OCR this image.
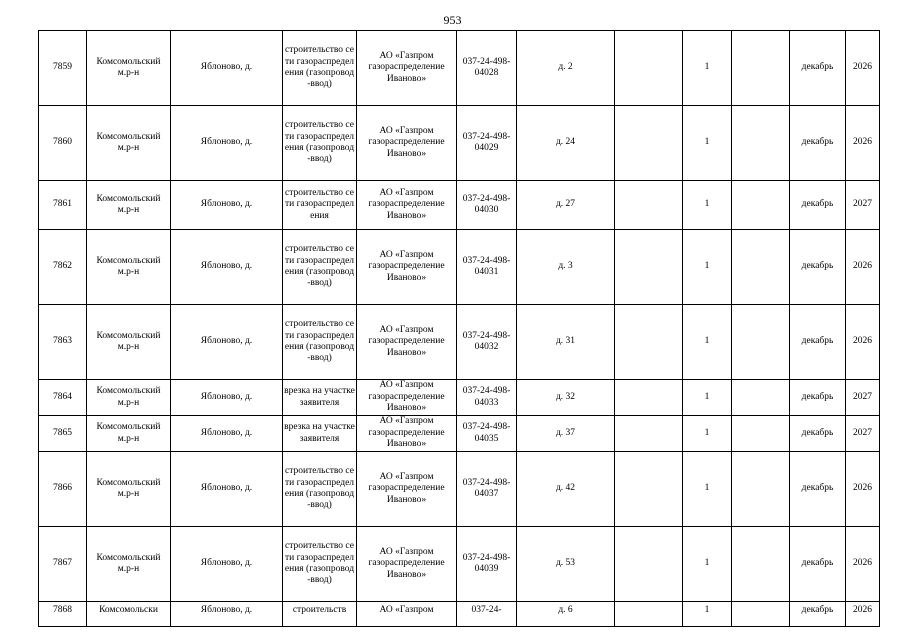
953
7859	Комсомольский м.р-н	Яблоново, д.	строительство сети газораспределения (газопровод-ввод)	АО «Газпром газораспределение Иваново»	037-24-498-04028	д. 2		1		декабрь	2026
7860	Комсомольский м.р-н	Яблоново, д.	строительство сети газораспределения (газопровод-ввод)	АО «Газпром газораспределение Иваново»	037-24-498-04029	д. 24		1		декабрь	2026
7861	Комсомольский м.р-н	Яблоново, д.	строительство сети газораспределения	АО «Газпром газораспределение Иваново»	037-24-498-04030	д. 27		1		декабрь	2027
7862	Комсомольский м.р-н	Яблоново, д.	строительство сети газораспределения (газопровод-ввод)	АО «Газпром газораспределение Иваново»	037-24-498-04031	д. 3		1		декабрь	2026
7863	Комсомольский м.р-н	Яблоново, д.	строительство сети газораспределения (газопровод-ввод)	АО «Газпром газораспределение Иваново»	037-24-498-04032	д. 31		1		декабрь	2026
7864	Комсомольский м.р-н	Яблоново, д.	врезка на участке заявителя	АО «Газпром газораспределение Иваново»	037-24-498-04033	д. 32		1		декабрь	2027
7865	Комсомольский м.р-н	Яблоново, д.	врезка на участке заявителя	АО «Газпром газораспределение Иваново»	037-24-498-04035	д. 37		1		декабрь	2027
7866	Комсомольский м.р-н	Яблоново, д.	строительство сети газораспределения (газопровод-ввод)	АО «Газпром газораспределение Иваново»	037-24-498-04037	д. 42		1		декабрь	2026
7867	Комсомольский м.р-н	Яблоново, д.	строительство сети газораспределения (газопровод-ввод)	АО «Газпром газораспределение Иваново»	037-24-498-04039	д. 53		1		декабрь	2026
7868	Комсомольски	Яблоново, д.	строительств	АО «Газпром	037-24-	д. 6		1		декабрь	2026
